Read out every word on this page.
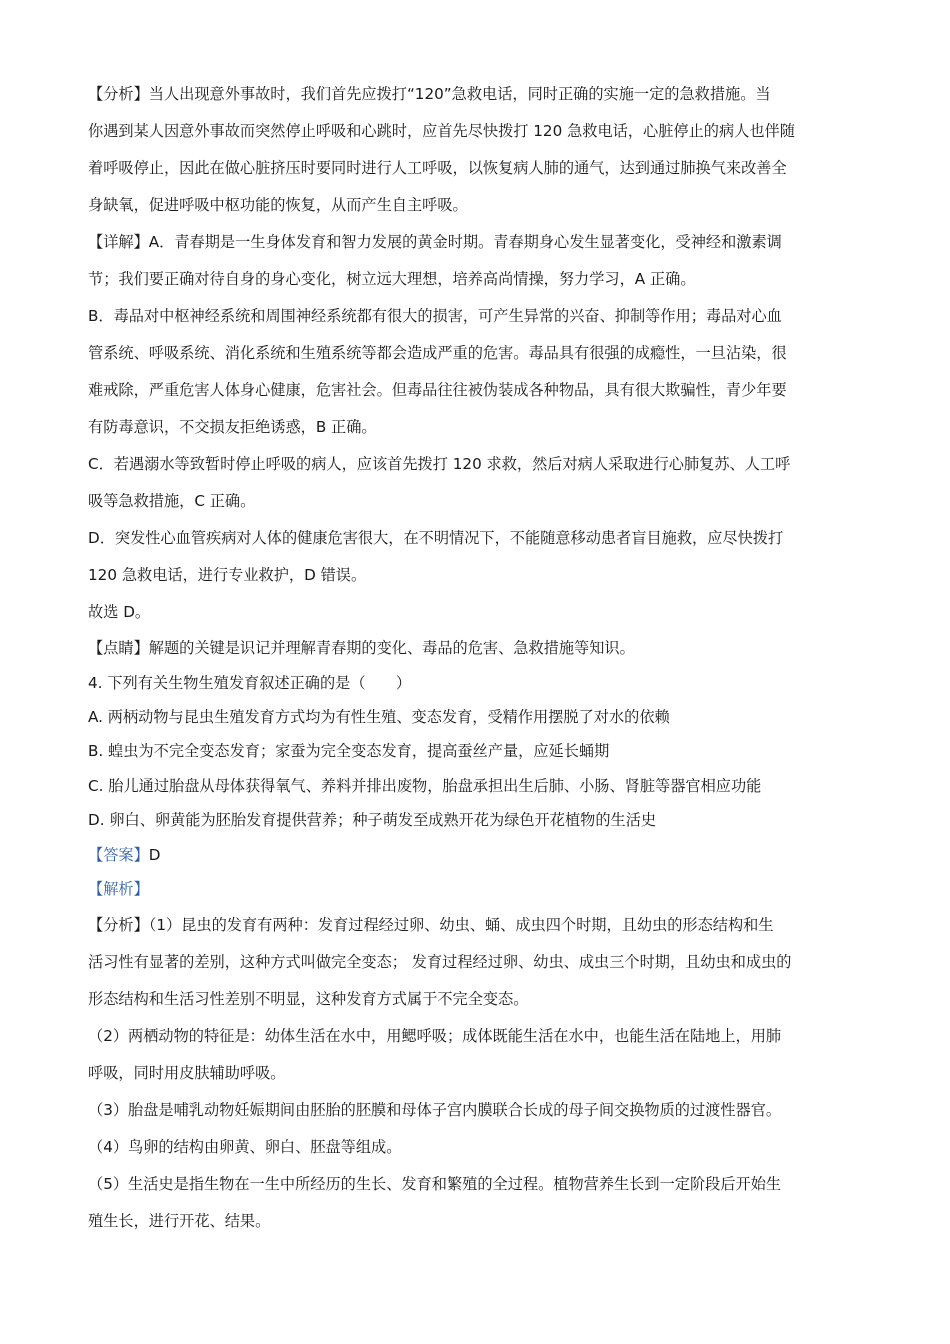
【分析】当人出现意外事故时，我们首先应拨打“120”急救电话，同时正确的实施一定的急救措施。当
你遇到某人因意外事故而突然停止呼吸和心跳时，应首先尽快拨打 120 急救电话，心脏停止的病人也伴随
着呼吸停止，因此在做心脏挤压时要同时进行人工呼吸，以恢复病人肺的通气，达到通过肺换气来改善全
身缺氧，促进呼吸中枢功能的恢复，从而产生自主呼吸。
【详解】A．青春期是一生身体发育和智力发展的黄金时期。青春期身心发生显著变化，受神经和激素调
节；我们要正确对待自身的身心变化，树立远大理想，培养高尚情操，努力学习，A 正确。
B．毒品对中枢神经系统和周围神经系统都有很大的损害，可产生异常的兴奋、抑制等作用；毒品对心血
管系统、呼吸系统、消化系统和生殖系统等都会造成严重的危害。毒品具有很强的成瘾性，一旦沾染，很
难戒除，严重危害人体身心健康，危害社会。但毒品往往被伪装成各种物品，具有很大欺骗性，青少年要
有防毒意识，不交损友拒绝诱惑，B 正确。
C．若遇溺水等致暂时停止呼吸的病人，应该首先拨打 120 求救，然后对病人采取进行心肺复苏、人工呼
吸等急救措施，C 正确。
D．突发性心血管疾病对人体的健康危害很大，在不明情况下，不能随意移动患者盲目施救，应尽快拨打
120 急救电话，进行专业救护，D 错误。
故选 D。
【点睛】解题的关键是识记并理解青春期的变化、毒品的危害、急救措施等知识。
4. 下列有关生物生殖发育叙述正确的是（　　）
A. 两柄动物与昆虫生殖发育方式均为有性生殖、变态发育，受精作用摆脱了对水的依赖
B. 蝗虫为不完全变态发育；家蚕为完全变态发育，提高蚕丝产量，应延长蛹期
C. 胎儿通过胎盘从母体获得氧气、养料并排出废物，胎盘承担出生后肺、小肠、肾脏等器官相应功能
D. 卵白、卵黄能为胚胎发育提供营养；种子萌发至成熟开花为绿色开花植物的生活史
【答案】D
【解析】
【分析】（1）昆虫的发育有两种：发育过程经过卵、幼虫、蛹、成虫四个时期，且幼虫的形态结构和生
活习性有显著的差别，这种方式叫做完全变态； 发育过程经过卵、幼虫、成虫三个时期，且幼虫和成虫的
形态结构和生活习性差别不明显，这种发育方式属于不完全变态。
（2）两栖动物的特征是：幼体生活在水中，用鳃呼吸；成体既能生活在水中，也能生活在陆地上，用肺
呼吸，同时用皮肤辅助呼吸。
（3）胎盘是哺乳动物妊娠期间由胚胎的胚膜和母体子宫内膜联合长成的母子间交换物质的过渡性器官。
（4）鸟卵的结构由卵黄、卵白、胚盘等组成。
（5）生活史是指生物在一生中所经历的生长、发育和繁殖的全过程。植物营养生长到一定阶段后开始生
殖生长，进行开花、结果。
